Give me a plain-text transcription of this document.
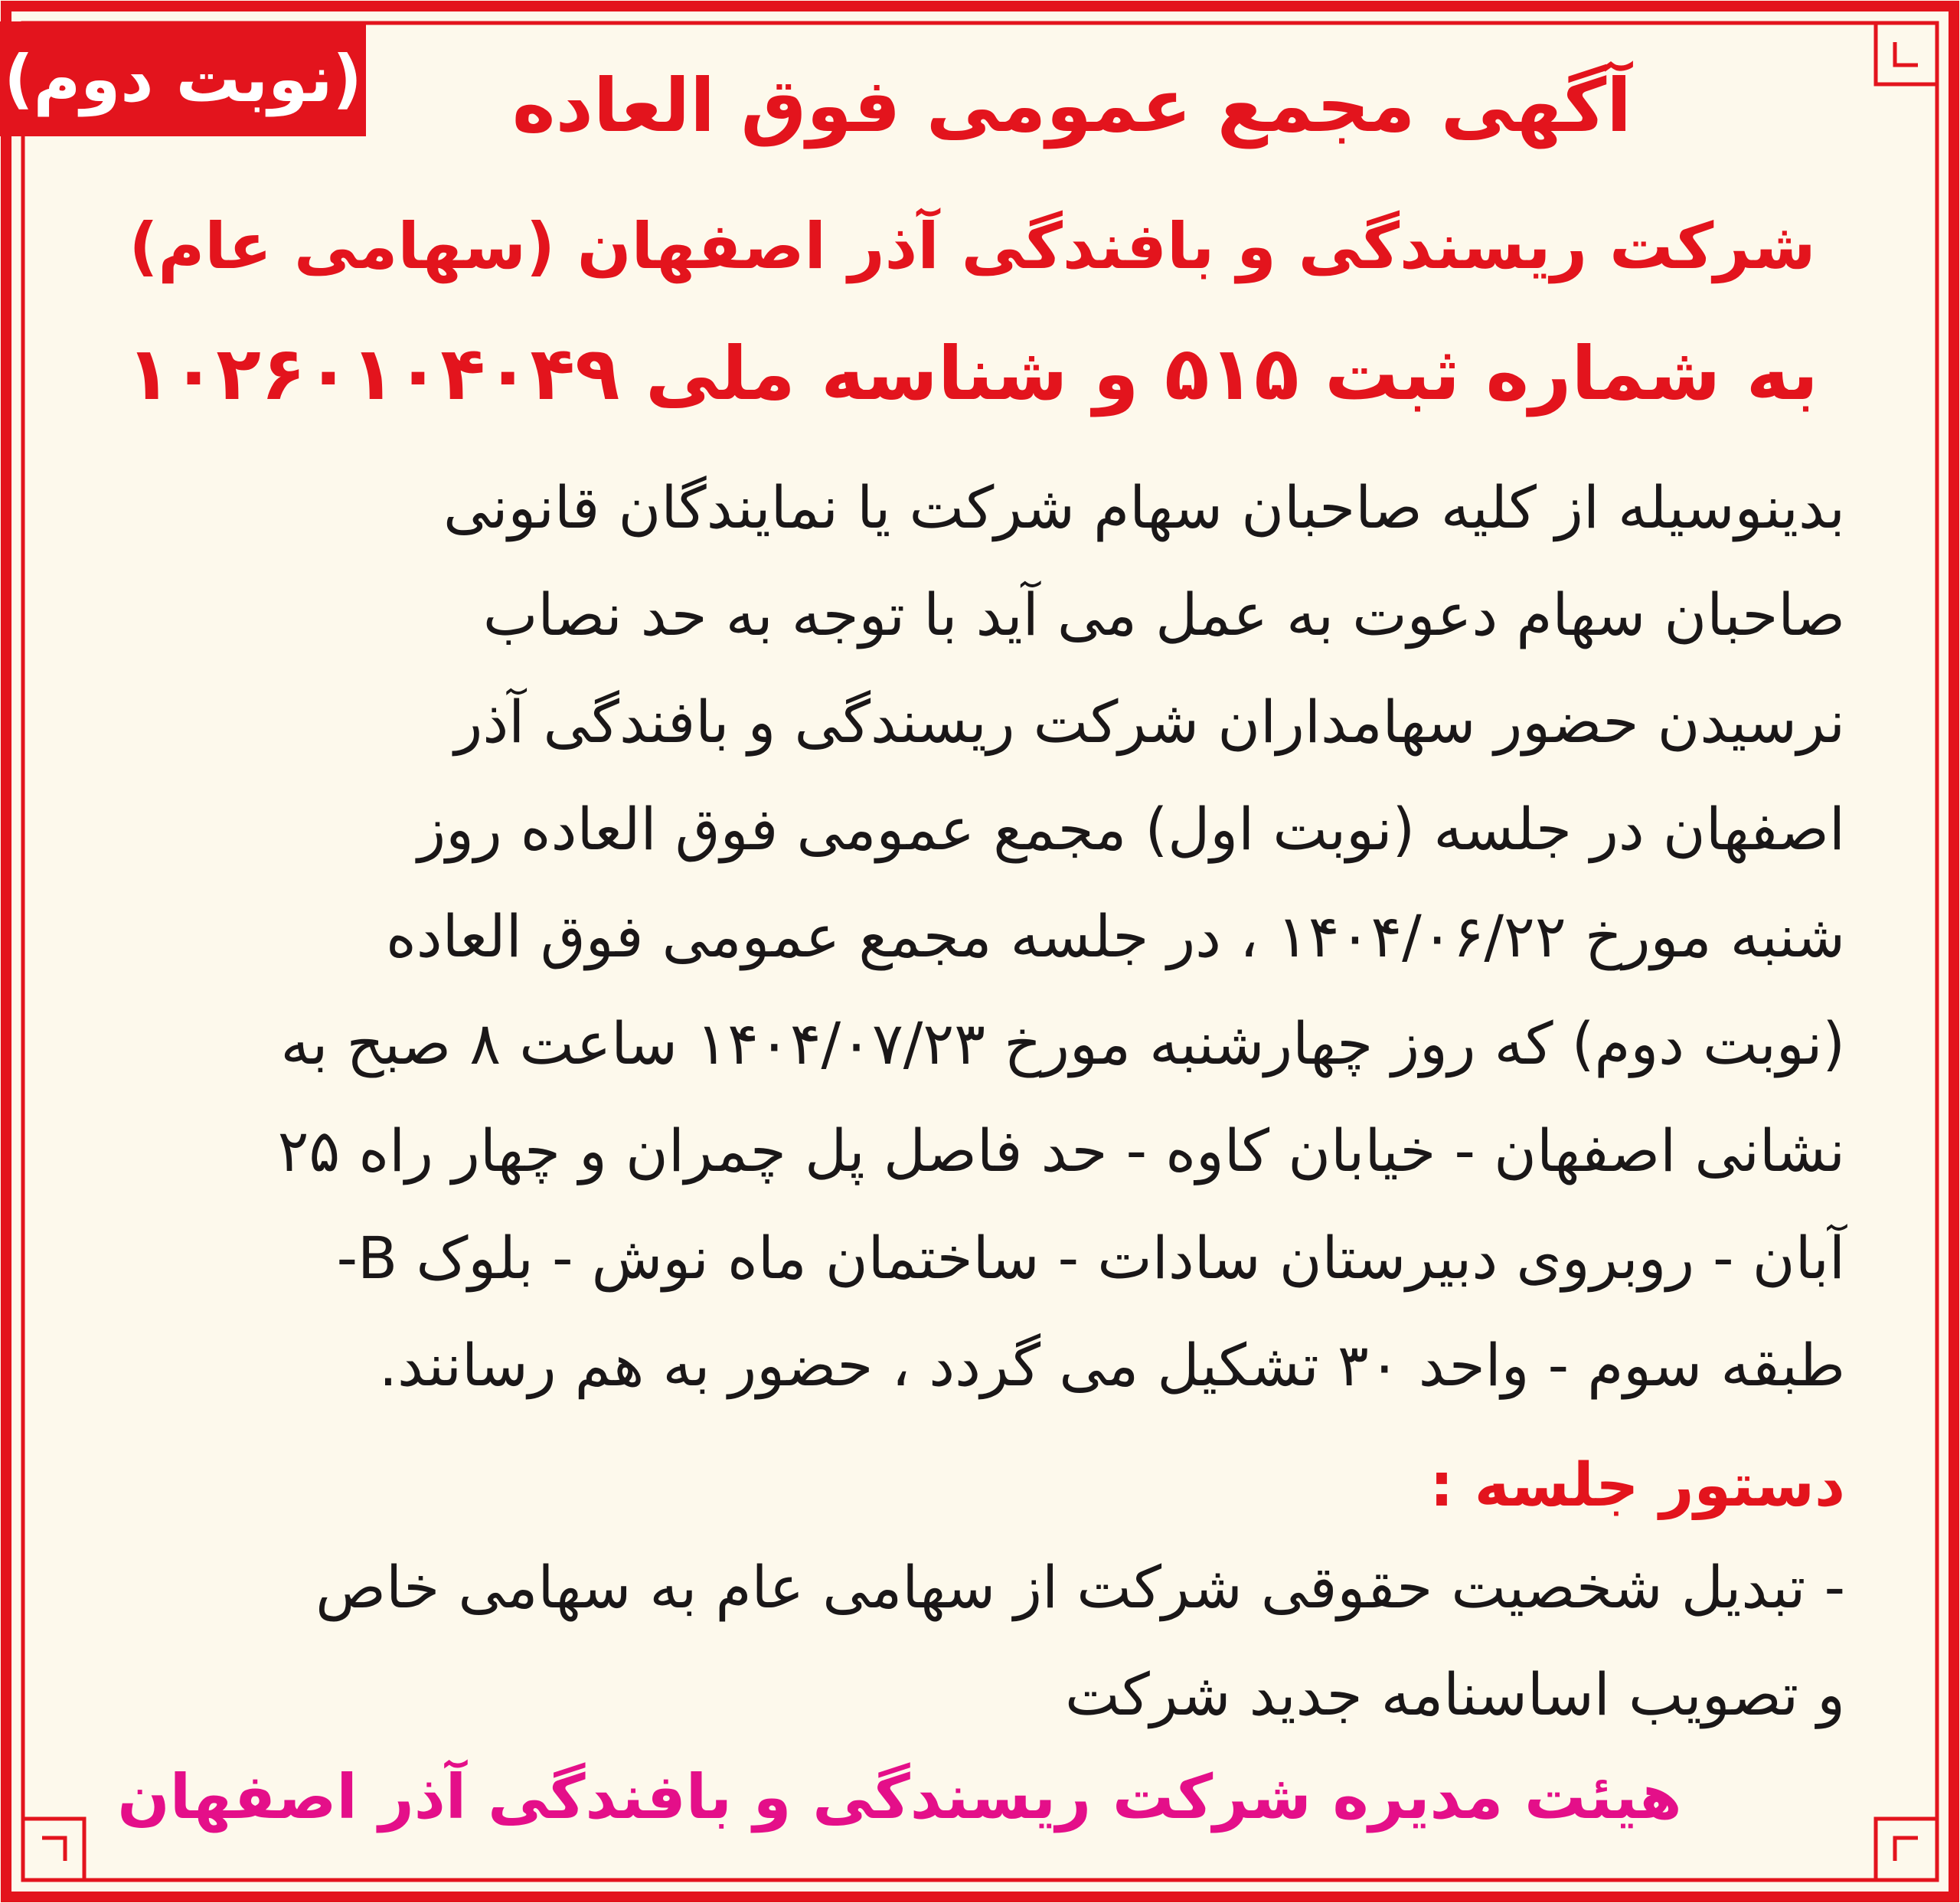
(نوبت دوم)	آگهی مجمع عمومی فوق العاده
شرکت ریسندگی و بافندگی آذر اصفهان (سهامی عام)
به شماره ثبت ۵۱۵ و شناسه ملی ۱۰۲۶۰۱۰۴۰۴۹
بدینوسیله از کلیه صاحبان سهام شرکت یا نمایندگان قانونی
صاحبان سهام دعوت به عمل می آید با توجه به حد نصاب
نرسیدن حضور سهامداران شرکت ریسندگی و بافندگی آذر
اصفهان در جلسه (نوبت اول) مجمع عمومی فوق العاده روز
شنبه مورخ ۱۴۰۴/۰۶/۲۲ ، در جلسه مجمع عمومی فوق العاده
(نوبت دوم) که روز چهارشنبه مورخ ۱۴۰۴/۰۷/۲۳ ساعت ۸ صبح به
نشانی اصفهان - خیابان کاوه - حد فاصل پل چمران و چهار راه ۲۵
آبان - روبروی دبیرستان سادات - ساختمان ماه نوش - بلوک B-
طبقه سوم - واحد ۳۰ تشکیل می گردد ، حضور به هم رسانند.
دستور جلسه :
- تبدیل شخصیت حقوقی شرکت از سهامی عام به سهامی خاص
و تصویب اساسنامه جدید شرکت
هیئت مدیره شرکت ریسندگی و بافندگی آذر اصفهان
